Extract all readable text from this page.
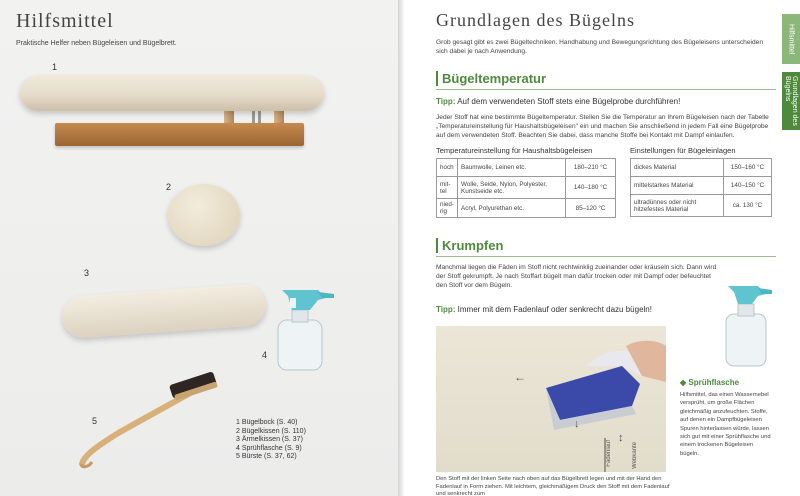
Hilfsmittel
Praktische Helfer neben Bügeleisen und Bügelbrett.
1
2
3
4
5	1 Bügelbock (S. 40)
2 Bügelkissen (S. 110)
3 Ärmelkissen (S. 37)
4 Sprühflasche (S. 9)
5 Bürste (S. 37, 62)
Grundlagen des Bügelns
Grob gesagt gibt es zwei Bügeltechniken. Handhabung und Bewegungsrichtung des Bügeleisens unterscheiden sich dabei je nach Anwendung.
Bügeltemperatur
Tipp: Auf dem verwendeten Stoff stets eine Bügelprobe durchführen!
Jeder Stoff hat eine bestimmte Bügeltemperatur. Stellen Sie die Temperatur an Ihrem Bügeleisen nach der Tabelle „Temperatureinstellung für Haushaltsbügeleisen" ein und machen Sie anschließend in jedem Fall eine Bügelprobe auf dem verwendeten Stoff. Beachten Sie dabei, dass manche Stoffe bei Kontakt mit Dampf einlaufen.
Temperatureinstellung für Haushaltsbügeleisen
hoch	Baumwolle, Leinen etc.	180–210 °C
mit-tel	Wolle, Seide, Nylon, Polyester, Kunstseide etc.	140–180 °C
nied-rig	Acryl, Polyurethan etc.	85–120 °C
Einstellungen für Bügeleinlagen
dickes Material	150–160 °C
mittelstarkes Material	140–150 °C
ultradünnes oder nicht hitzefestes Material	ca. 130 °C
Krumpfen
Manchmal liegen die Fäden im Stoff nicht rechtwinklig zueinander oder kräuseln sich. Dann wird der Stoff gekrumpft. Je nach Stoffart bügelt man dafür trocken oder mit Dampf oder befeuchtet den Stoff vor dem Bügeln.
Tipp: Immer mit dem Fadenlauf oder senkrecht dazu bügeln!
←
↓
↕
Fadenlauf	Webkante
Den Stoff mit der linken Seite nach oben auf das Bügelbrett legen und mit der Hand den Fadenlauf in Form ziehen. Mit leichtem, gleichmäßigem Druck den Stoff mit dem Fadenlauf und senkrecht zum
◆ Sprühflasche
Hilfsmittel, das einen Wassernebel versprüht, um große Flächen gleichmäßig anzufeuchten. Stoffe, auf denen ein Dampfbügeleisen Spuren hinterlassen würde, lassen sich gut mit einer Sprühflasche und einem trockenen Bügeleisen bügeln.
Hilfsmittel
Grundlagen des Bügelns
